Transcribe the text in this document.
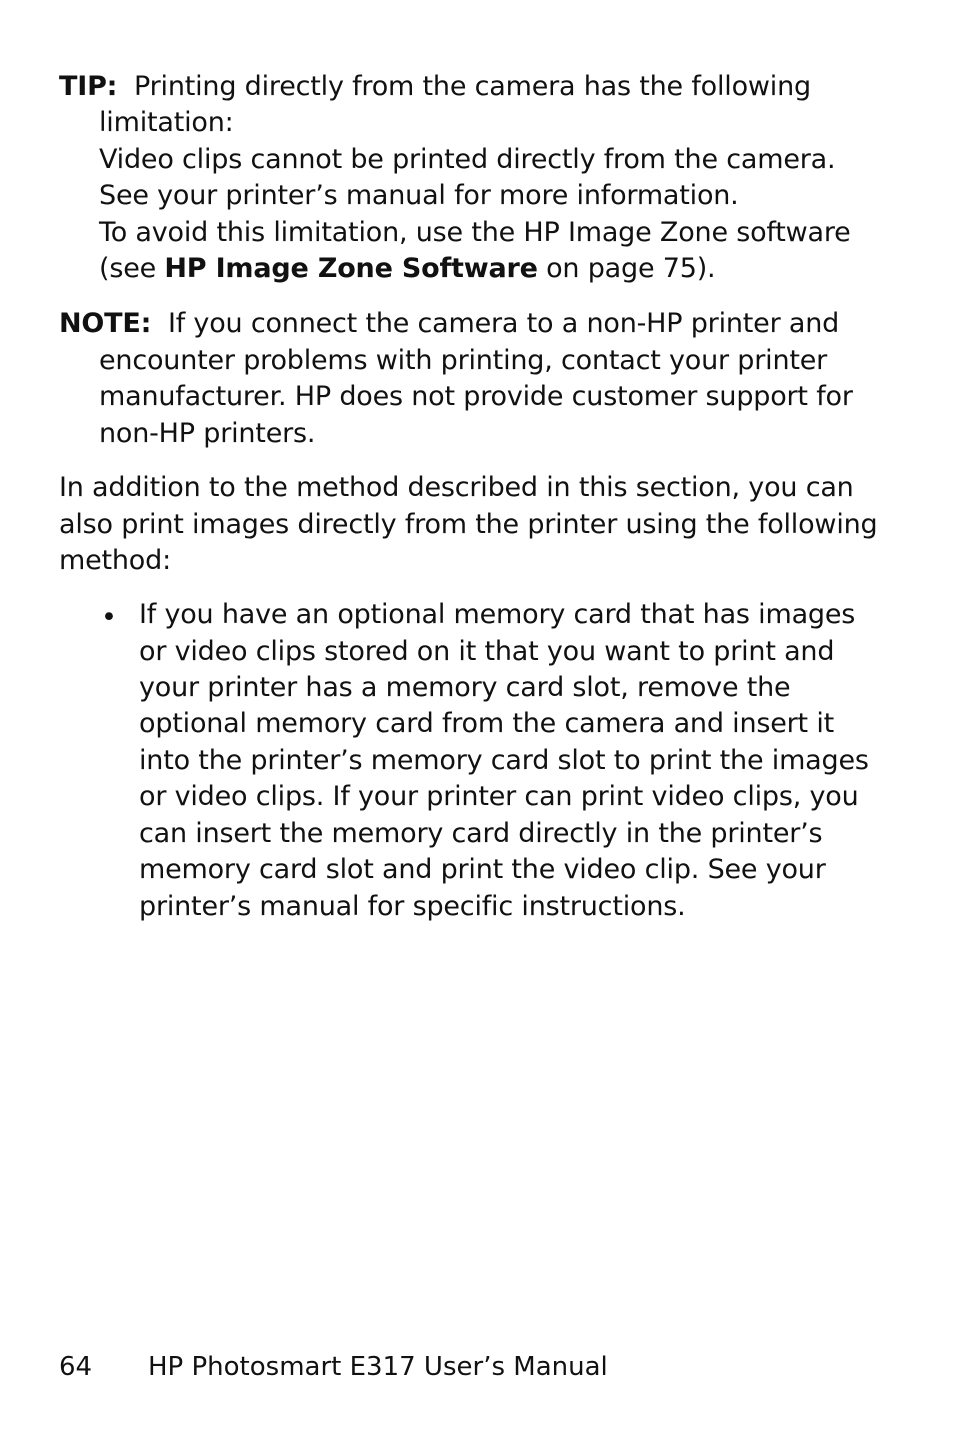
TIP: Printing directly from the camera has the following
limitation:
Video clips cannot be printed directly from the camera.
See your printer’s manual for more information.
To avoid this limitation, use the HP Image Zone software
(see HP Image Zone Software on page 75).
NOTE: If you connect the camera to a non-HP printer and
encounter problems with printing, contact your printer
manufacturer. HP does not provide customer support for
non-HP printers.
In addition to the method described in this section, you can
also print images directly from the printer using the following
method:
• If you have an optional memory card that has images
or video clips stored on it that you want to print and
your printer has a memory card slot, remove the
optional memory card from the camera and insert it
into the printer’s memory card slot to print the images
or video clips. If your printer can print video clips, you
can insert the memory card directly in the printer’s
memory card slot and print the video clip. See your
printer’s manual for specific instructions.
64 HP Photosmart E317 User’s Manual
